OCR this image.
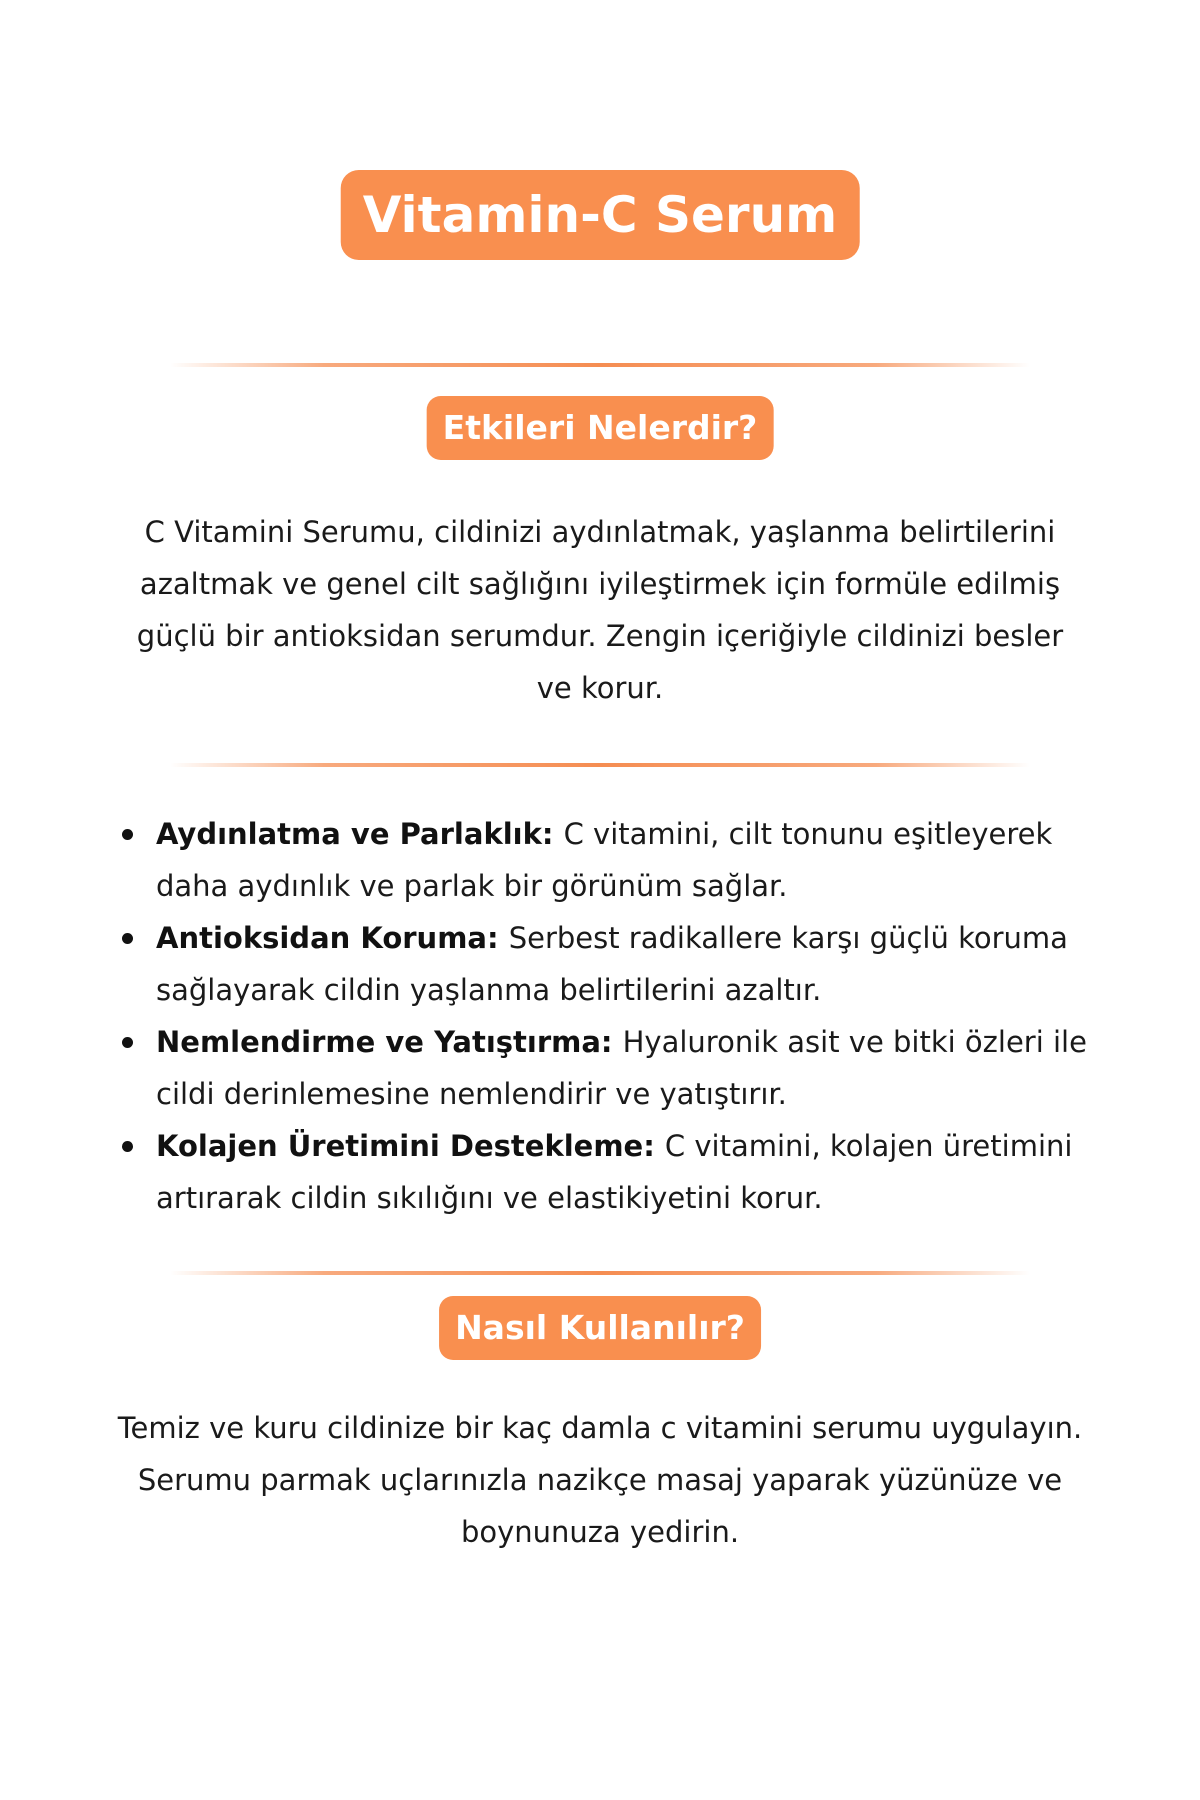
Vitamin-C Serum
Etkileri Nelerdir?

C Vitamini Serumu, cildinizi aydınlatmak, yaşlanma belirtilerini azaltmak ve genel cilt sağlığını iyileştirmek için formüle edilmiş güçlü bir antioksidan serumdur. Zengin içeriğiyle cildinizi besler ve korur.

Aydınlatma ve Parlaklık: C vitamini, cilt tonunu eşitleyerek daha aydınlık ve parlak bir görünüm sağlar.
Antioksidan Koruma: Serbest radikallere karşı güçlü koruma sağlayarak cildin yaşlanma belirtilerini azaltır.
Nemlendirme ve Yatıştırma: Hyaluronik asit ve bitki özleri ile cildi derinlemesine nemlendirir ve yatıştırır.
Kolajen Üretimini Destekleme: C vitamini, kolajen üretimini artırarak cildin sıkılığını ve elastikiyetini korur.
Nasıl Kullanılır?

Temiz ve kuru cildinize bir kaç damla c vitamini serumu uygulayın. Serumu parmak uçlarınızla nazikçe masaj yaparak yüzünüze ve boynunuza yedirin.
